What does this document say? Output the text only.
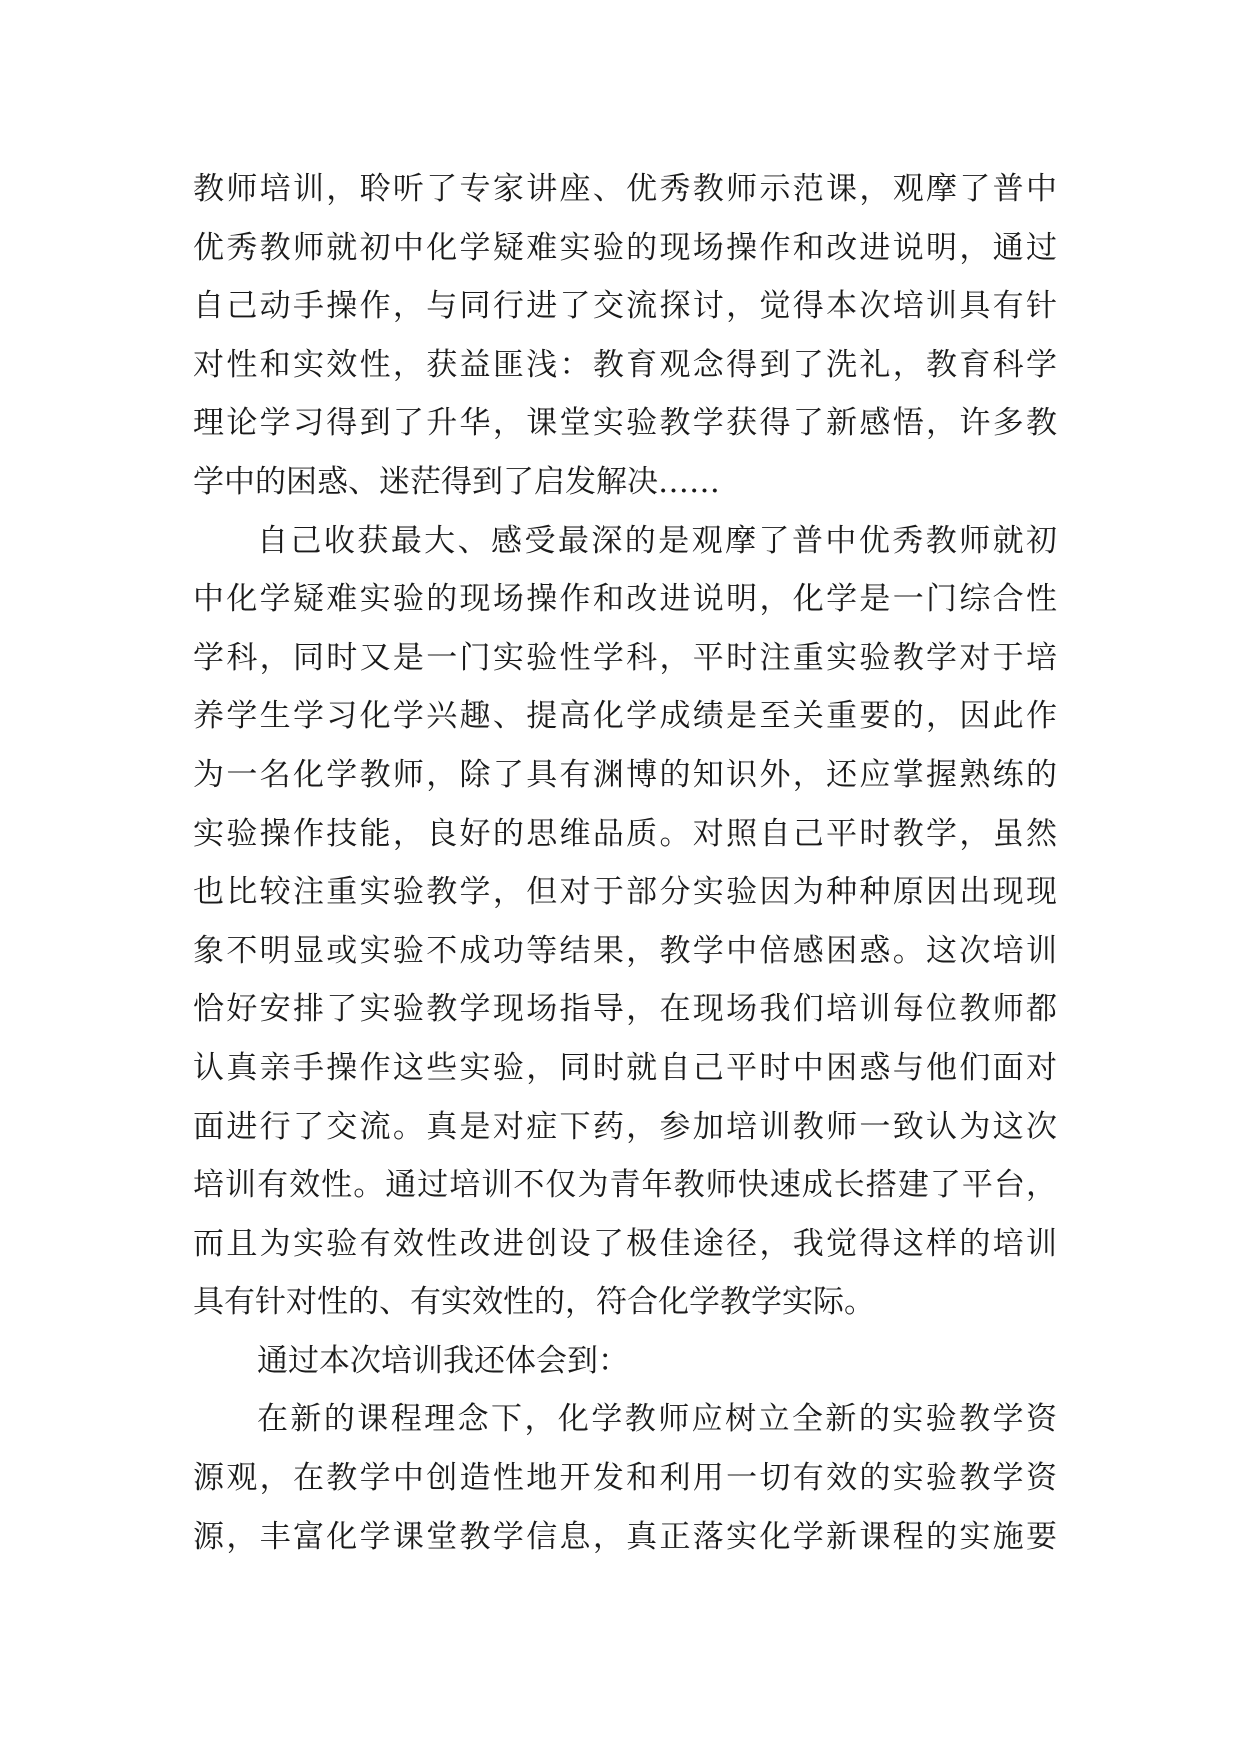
教师培训，聆听了专家讲座、优秀教师示范课，观摩了普中
优秀教师就初中化学疑难实验的现场操作和改进说明，通过
自己动手操作，与同行进了交流探讨，觉得本次培训具有针
对性和实效性，获益匪浅：教育观念得到了洗礼，教育科学
理论学习得到了升华，课堂实验教学获得了新感悟，许多教
学中的困惑、迷茫得到了启发解决……
自己收获最大、感受最深的是观摩了普中优秀教师就初
中化学疑难实验的现场操作和改进说明，化学是一门综合性
学科，同时又是一门实验性学科，平时注重实验教学对于培
养学生学习化学兴趣、提高化学成绩是至关重要的，因此作
为一名化学教师，除了具有渊博的知识外，还应掌握熟练的
实验操作技能，良好的思维品质。对照自己平时教学，虽然
也比较注重实验教学，但对于部分实验因为种种原因出现现
象不明显或实验不成功等结果，教学中倍感困惑。这次培训
恰好安排了实验教学现场指导，在现场我们培训每位教师都
认真亲手操作这些实验，同时就自己平时中困惑与他们面对
面进行了交流。真是对症下药，参加培训教师一致认为这次
培训有效性。通过培训不仅为青年教师快速成长搭建了平台，
而且为实验有效性改进创设了极佳途径，我觉得这样的培训
具有针对性的、有实效性的，符合化学教学实际。
通过本次培训我还体会到：
在新的课程理念下，化学教师应树立全新的实验教学资
源观，在教学中创造性地开发和利用一切有效的实验教学资
源，丰富化学课堂教学信息，真正落实化学新课程的实施要
